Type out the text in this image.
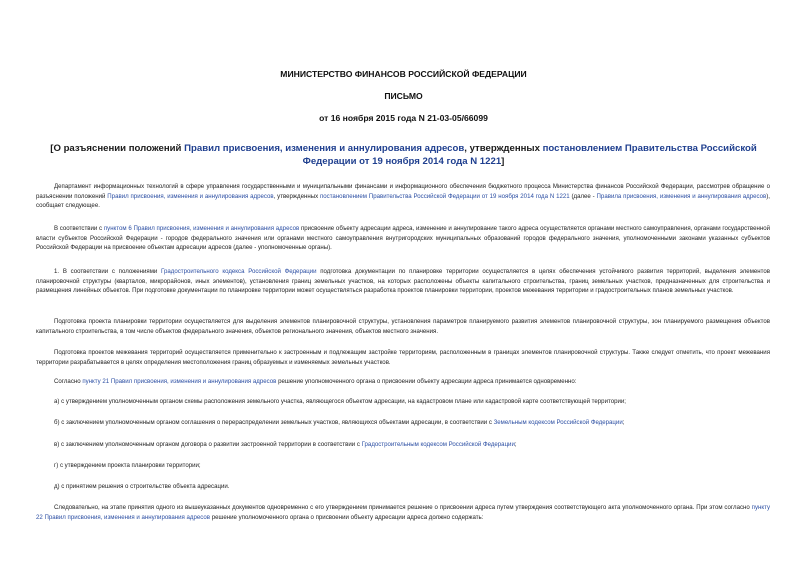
МИНИСТЕРСТВО ФИНАНСОВ РОССИЙСКОЙ ФЕДЕРАЦИИ
ПИСЬМО
от 16 ноября 2015 года N 21-03-05/66099
[О разъяснении положений Правил присвоения, изменения и аннулирования адресов, утвержденных постановлением Правительства Российской Федерации от 19 ноября 2014 года N 1221]
Департамент информационных технологий в сфере управления государственными и муниципальными финансами и информационного обеспечения бюджетного процесса Министерства финансов Российской Федерации, рассмотрев обращение о разъяснении положений Правил присвоения, изменения и аннулирования адресов, утвержденных постановлением Правительства Российской Федерации от 19 ноября 2014 года N 1221 (далее - Правила присвоения, изменения и аннулирования адресов), сообщает следующее.
В соответствии с пунктом 6 Правил присвоения, изменения и аннулирования адресов присвоение объекту адресации адреса, изменение и аннулирование такого адреса осуществляется органами местного самоуправления, органами государственной власти субъектов Российской Федерации - городов федерального значения или органами местного самоуправления внутригородских муниципальных образований городов федерального значения, уполномоченными законами указанных субъектов Российской Федерации на присвоение объектам адресации адресов (далее - уполномоченные органы).
1. В соответствии с положениями Градостроительного кодекса Российской Федерации подготовка документации по планировке территории осуществляется в целях обеспечения устойчивого развития территорий, выделения элементов планировочной структуры (кварталов, микрорайонов, иных элементов), установления границ земельных участков, на которых расположены объекты капитального строительства, границ земельных участков, предназначенных для строительства и размещения линейных объектов. При подготовке документации по планировке территории может осуществляться разработка проектов планировки территории, проектов межевания территории и градостроительных планов земельных участков.
Подготовка проекта планировки территории осуществляется для выделения элементов планировочной структуры, установления параметров планируемого развития элементов планировочной структуры, зон планируемого размещения объектов капитального строительства, в том числе объектов федерального значения, объектов регионального значения, объектов местного значения.
Подготовка проектов межевания территорий осуществляется применительно к застроенным и подлежащим застройке территориям, расположенным в границах элементов планировочной структуры. Также следует отметить, что проект межевания территории разрабатывается в целях определения местоположения границ образуемых и изменяемых земельных участков.
Согласно пункту 21 Правил присвоения, изменения и аннулирования адресов решение уполномоченного органа о присвоении объекту адресации адреса принимается одновременно:
а) с утверждением уполномоченным органом схемы расположения земельного участка, являющегося объектом адресации, на кадастровом плане или кадастровой карте соответствующей территории;
б) с заключением уполномоченным органом соглашения о перераспределении земельных участков, являющихся объектами адресации, в соответствии с Земельным кодексом Российской Федерации;
в) с заключением уполномоченным органом договора о развитии застроенной территории в соответствии с Градостроительным кодексом Российской Федерации;
г) с утверждением проекта планировки территории;
д) с принятием решения о строительстве объекта адресации.
Следовательно, на этапе принятия одного из вышеуказанных документов одновременно с его утверждением принимается решение о присвоении адреса путем утверждения соответствующего акта уполномоченного органа. При этом согласно пункту 22 Правил присвоения, изменения и аннулирования адресов решение уполномоченного органа о присвоении объекту адресации адреса должно содержать:
